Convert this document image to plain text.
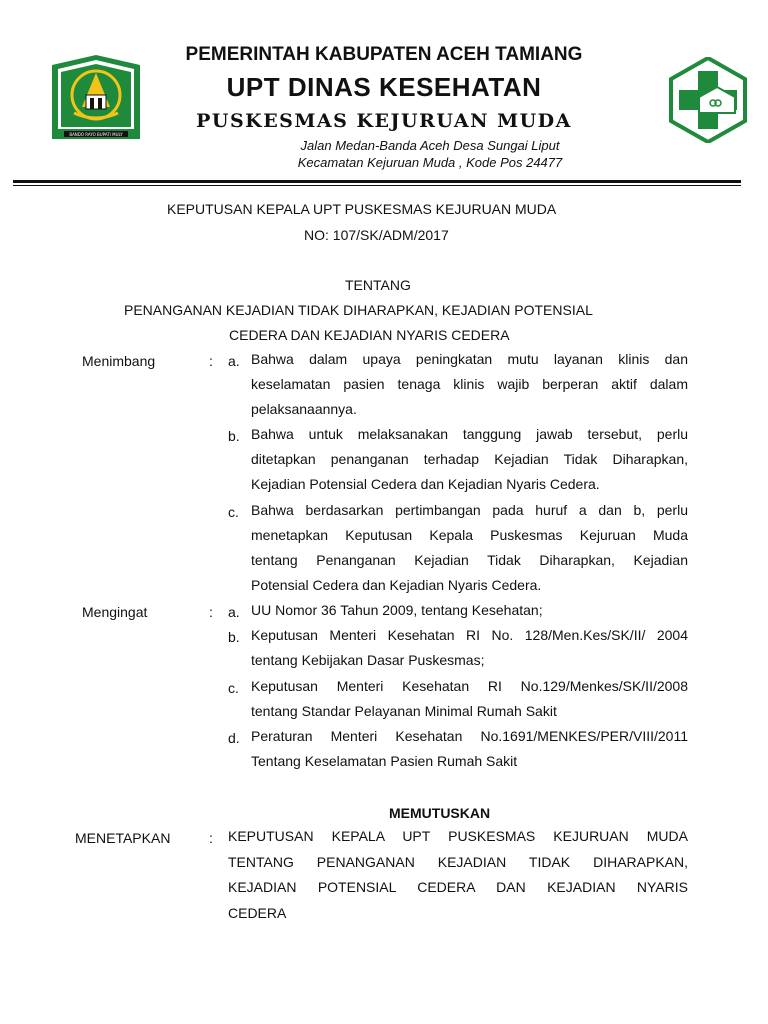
BANDO RAYO BUPATI MULY
PEMERINTAH KABUPATEN ACEH TAMIANG
UPT DINAS KESEHATAN
PUSKESMAS KEJURUAN MUDA
Jalan Medan-Banda Aceh Desa Sungai Liput
Kecamatan Kejuruan Muda , Kode Pos 24477
KEPUTUSAN KEPALA UPT PUSKESMAS KEJURUAN MUDA
NO: 107/SK/ADM/2017
TENTANG
PENANGANAN KEJADIAN TIDAK DIHARAPKAN, KEJADIAN POTENSIAL
CEDERA DAN KEJADIAN NYARIS CEDERA
Menimbang	: a. Bahwa dalam upaya peningkatan mutu layanan klinis dan
keselamatan pasien tenaga klinis wajib berperan aktif dalam
pelaksanaannya.
b. Bahwa untuk melaksanakan tanggung jawab tersebut, perlu
ditetapkan penanganan terhadap Kejadian Tidak Diharapkan,
Kejadian Potensial Cedera dan Kejadian Nyaris Cedera.
c. Bahwa berdasarkan pertimbangan pada huruf a dan b, perlu
menetapkan Keputusan Kepala Puskesmas Kejuruan Muda
tentang Penanganan Kejadian Tidak Diharapkan, Kejadian
Potensial Cedera dan Kejadian Nyaris Cedera.
Mengingat	: a. UU Nomor 36 Tahun 2009, tentang Kesehatan;
b. Keputusan Menteri Kesehatan RI No. 128/Men.Kes/SK/II/ 2004
tentang Kebijakan Dasar Puskesmas;
c. Keputusan Menteri Kesehatan RI No.129/Menkes/SK/II/2008
tentang Standar Pelayanan Minimal Rumah Sakit
d. Peraturan Menteri Kesehatan No.1691/MENKES/PER/VIII/2011
Tentang Keselamatan Pasien Rumah Sakit
MEMUTUSKAN
MENETAPKAN	: KEPUTUSAN KEPALA UPT PUSKESMAS KEJURUAN MUDA
TENTANG PENANGANAN KEJADIAN TIDAK DIHARAPKAN,
KEJADIAN POTENSIAL CEDERA DAN KEJADIAN NYARIS
CEDERA
